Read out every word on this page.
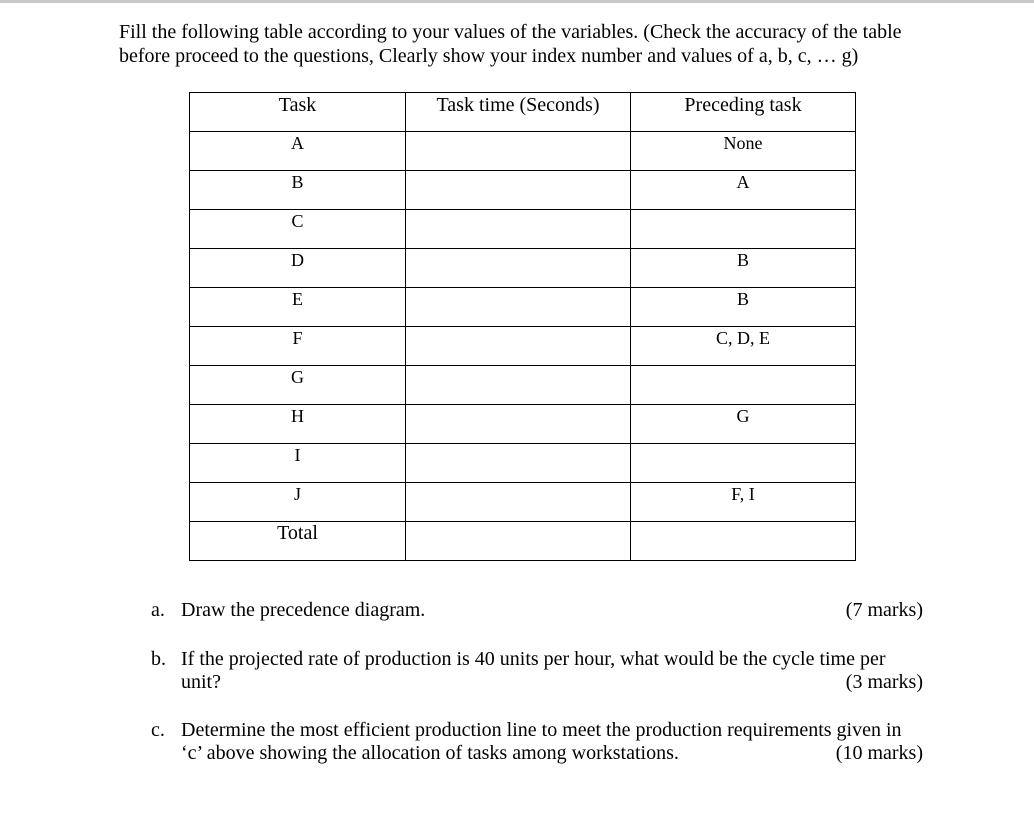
Fill the following table according to your values of the variables. (Check the accuracy of the table
before proceed to the questions, Clearly show your index number and values of a, b, c, … g)

Task	Task time (Seconds)	Preceding task

A		None

B		A

C		

D		B

E		B

F		C, D, E

G		

H		G

I		

J		F, I

Total		

a. Draw the precedence diagram.	(7 marks)
b. If the projected rate of production is 40 units per hour, what would be the cycle time per
unit?	(3 marks)
c. Determine the most efficient production line to meet the production requirements given in
‘c’ above showing the allocation of tasks among workstations.	(10 marks)
